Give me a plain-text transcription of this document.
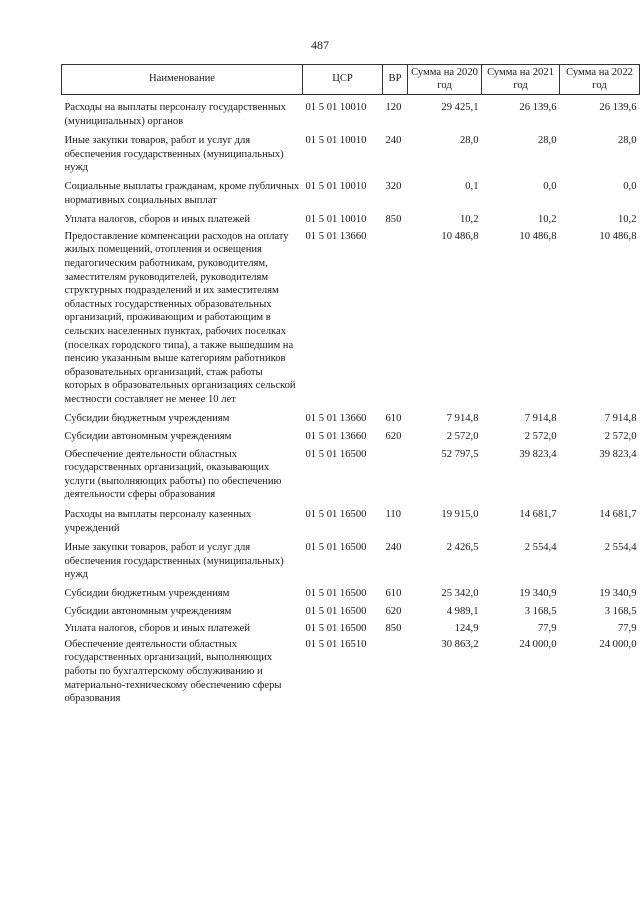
487
Наименование	ЦСР	ВР	Сумма на 2020 год	Сумма на 2021 год	Сумма на 2022 год
Расходы на выплаты персоналу государственных (муниципальных) органов	01 5 01 10010	120	29 425,1	26 139,6	26 139,6
Иные закупки товаров, работ и услуг для обеспечения государственных (муниципальных) нужд	01 5 01 10010	240	28,0	28,0	28,0
Социальные выплаты гражданам, кроме публичных нормативных социальных выплат	01 5 01 10010	320	0,1	0,0	0,0
Уплата налогов, сборов и иных платежей	01 5 01 10010	850	10,2	10,2	10,2
Предоставление компенсации расходов на оплату жилых помещений, отопления и освещения педагогическим работникам, руководителям, заместителям руководителей, руководителям структурных подразделений и их заместителям областных государственных образовательных организаций, проживающим и работающим в сельских населенных пунктах, рабочих поселках (поселках городского типа), а также вышедшим на пенсию указанным выше категориям работников образовательных организаций, стаж работы которых в образовательных организациях сельской местности составляет не менее 10 лет	01 5 01 13660		10 486,8	10 486,8	10 486,8
Субсидии бюджетным учреждениям	01 5 01 13660	610	7 914,8	7 914,8	7 914,8
Субсидии автономным учреждениям	01 5 01 13660	620	2 572,0	2 572,0	2 572,0
Обеспечение деятельности областных государственных организаций, оказывающих услуги (выполняющих работы) по обеспечению деятельности сферы образования	01 5 01 16500		52 797,5	39 823,4	39 823,4
Расходы на выплаты персоналу казенных учреждений	01 5 01 16500	110	19 915,0	14 681,7	14 681,7
Иные закупки товаров, работ и услуг для обеспечения государственных (муниципальных) нужд	01 5 01 16500	240	2 426,5	2 554,4	2 554,4
Субсидии бюджетным учреждениям	01 5 01 16500	610	25 342,0	19 340,9	19 340,9
Субсидии автономным учреждениям	01 5 01 16500	620	4 989,1	3 168,5	3 168,5
Уплата налогов, сборов и иных платежей	01 5 01 16500	850	124,9	77,9	77,9
Обеспечение деятельности областных государственных организаций, выполняющих работы по бухгалтерскому обслуживанию и материально-техническому обеспечению сферы образования	01 5 01 16510		30 863,2	24 000,0	24 000,0
